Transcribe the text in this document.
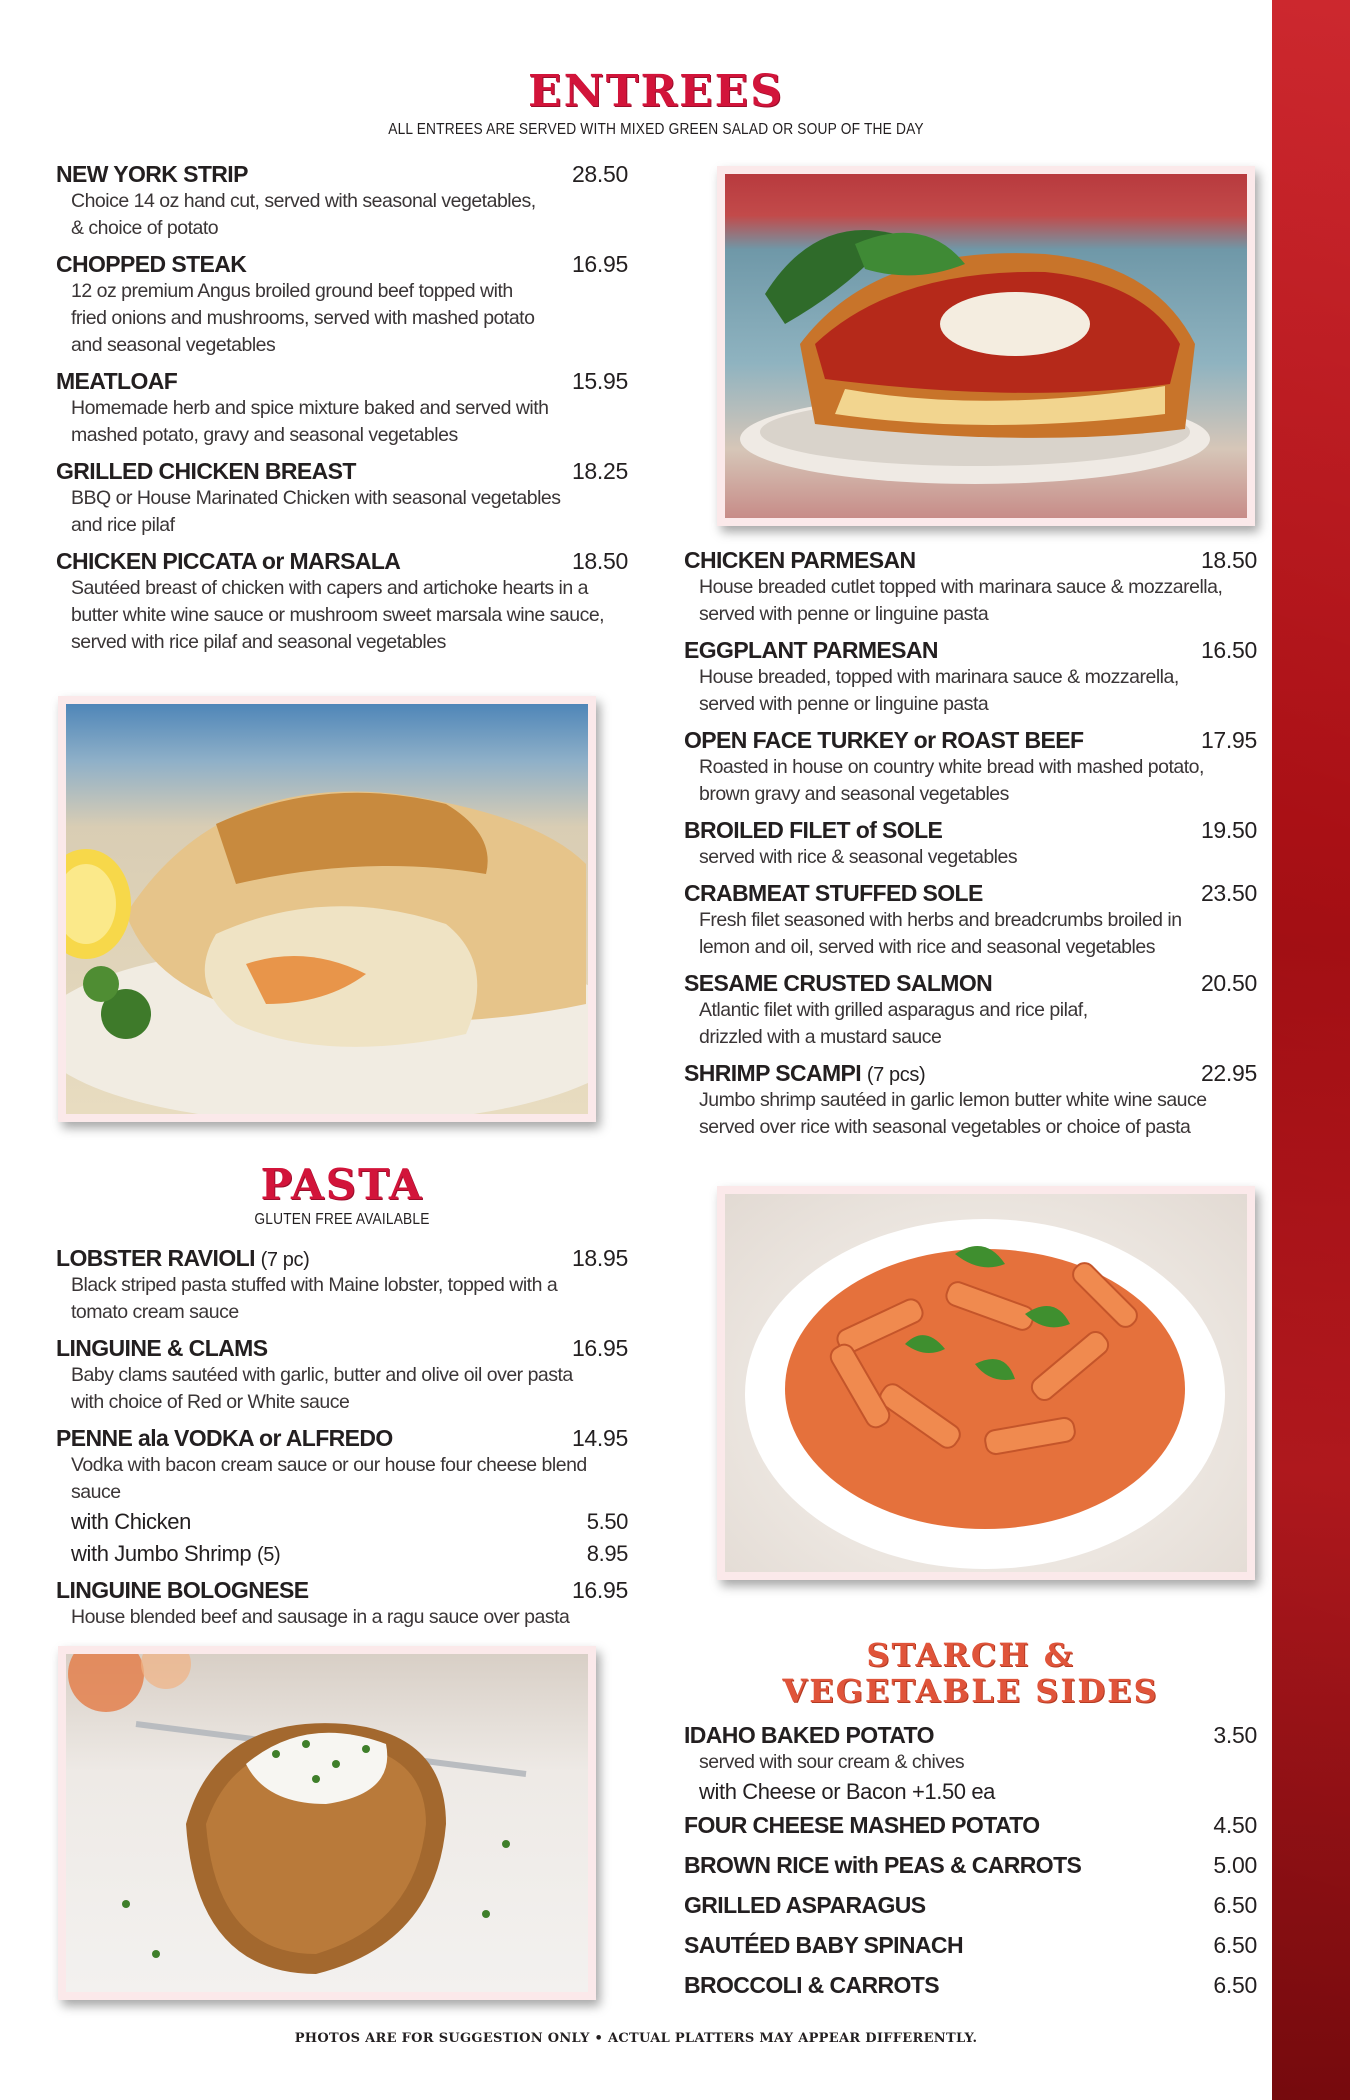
ENTREES
ALL ENTREES ARE SERVED WITH MIXED GREEN SALAD OR SOUP OF THE DAY
NEW YORK STRIP	28.50
Choice 14 oz hand cut, served with seasonal vegetables,
& choice of potato
CHOPPED STEAK	16.95
12 oz premium Angus broiled ground beef topped with
fried onions and mushrooms, served with mashed potato
and seasonal vegetables
MEATLOAF	15.95
Homemade herb and spice mixture baked and served with
mashed potato, gravy and seasonal vegetables
GRILLED CHICKEN BREAST	18.25
BBQ or House Marinated Chicken with seasonal vegetables
and rice pilaf
CHICKEN PICCATA or MARSALA	18.50
Sautéed breast of chicken with capers and artichoke hearts in a
butter white wine sauce or mushroom sweet marsala wine sauce,
served with rice pilaf and seasonal vegetables
CHICKEN PARMESAN	18.50
House breaded cutlet topped with marinara sauce & mozzarella,
served with penne or linguine pasta
EGGPLANT PARMESAN	16.50
House breaded, topped with marinara sauce & mozzarella,
served with penne or linguine pasta
OPEN FACE TURKEY or ROAST BEEF	17.95
Roasted in house on country white bread with mashed potato,
brown gravy and seasonal vegetables
BROILED FILET of SOLE	19.50
served with rice & seasonal vegetables
CRABMEAT STUFFED SOLE	23.50
Fresh filet seasoned with herbs and breadcrumbs broiled in
lemon and oil, served with rice and seasonal vegetables
SESAME CRUSTED SALMON	20.50
Atlantic filet with grilled asparagus and rice pilaf,
drizzled with a mustard sauce
SHRIMP SCAMPI (7 pcs)	22.95
Jumbo shrimp sautéed in garlic lemon butter white wine sauce
served over rice with seasonal vegetables or choice of pasta
PASTA
GLUTEN FREE AVAILABLE
LOBSTER RAVIOLI (7 pc)	18.95
Black striped pasta stuffed with Maine lobster, topped with a
tomato cream sauce
LINGUINE & CLAMS	16.95
Baby clams sautéed with garlic, butter and olive oil over pasta
with choice of Red or White sauce
PENNE ala VODKA or ALFREDO	14.95
Vodka with bacon cream sauce or our house four cheese blend sauce
with Chicken	5.50
with Jumbo Shrimp (5)	8.95
LINGUINE BOLOGNESE	16.95
House blended beef and sausage in a ragu sauce over pasta
STARCH &
VEGETABLE SIDES
IDAHO BAKED POTATO	3.50
served with sour cream & chives
with Cheese or Bacon +1.50 ea
FOUR CHEESE MASHED POTATO	4.50
BROWN RICE with PEAS & CARROTS	5.00
GRILLED ASPARAGUS	6.50
SAUTÉED BABY SPINACH	6.50
BROCCOLI & CARROTS	6.50
PHOTOS ARE FOR SUGGESTION ONLY • ACTUAL PLATTERS MAY APPEAR DIFFERENTLY.
